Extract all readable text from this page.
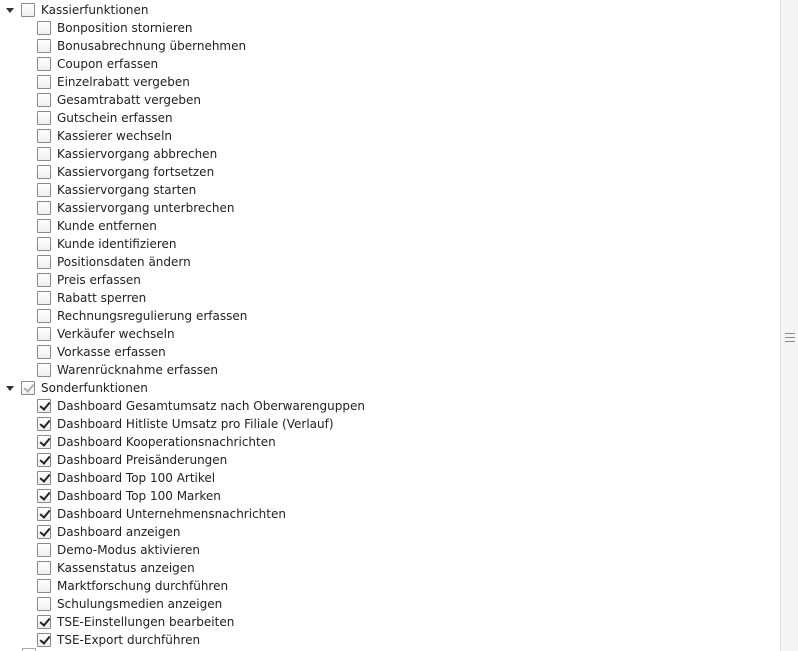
Kassierfunktionen
Bonposition stornieren
Bonusabrechnung übernehmen
Coupon erfassen
Einzelrabatt vergeben
Gesamtrabatt vergeben
Gutschein erfassen
Kassierer wechseln
Kassiervorgang abbrechen
Kassiervorgang fortsetzen
Kassiervorgang starten
Kassiervorgang unterbrechen
Kunde entfernen
Kunde identifizieren
Positionsdaten ändern
Preis erfassen
Rabatt sperren
Rechnungsregulierung erfassen
Verkäufer wechseln
Vorkasse erfassen
Warenrücknahme erfassen
Sonderfunktionen
Dashboard Gesamtumsatz nach Oberwarenguppen
Dashboard Hitliste Umsatz pro Filiale (Verlauf)
Dashboard Kooperationsnachrichten
Dashboard Preisänderungen
Dashboard Top 100 Artikel
Dashboard Top 100 Marken
Dashboard Unternehmensnachrichten
Dashboard anzeigen
Demo-Modus aktivieren
Kassenstatus anzeigen
Marktforschung durchführen
Schulungsmedien anzeigen
TSE-Einstellungen bearbeiten
TSE-Export durchführen
